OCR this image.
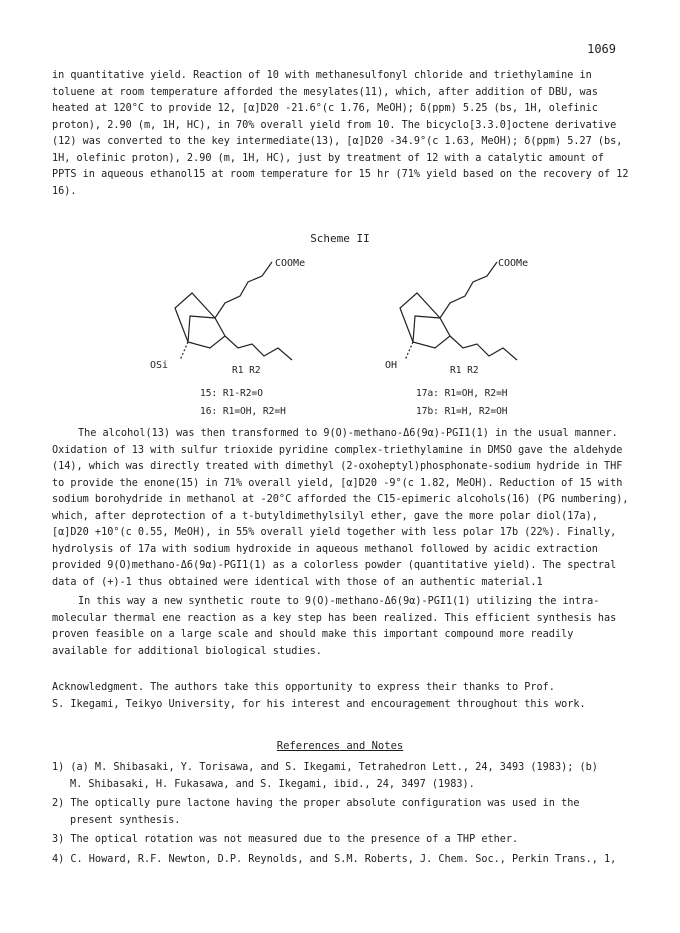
1069
in quantitative yield. Reaction of 10 with methanesulfonyl chloride and triethylamine in
toluene at room temperature afforded the mesylates(11), which, after addition of DBU, was
heated at 120°C to provide 12, [α]D20 -21.6°(c 1.76, MeOH); δ(ppm) 5.25 (bs, 1H, olefinic
proton), 2.90 (m, 1H, HC), in 70% overall yield from 10. The bicyclo[3.3.0]octene derivative
(12) was converted to the key intermediate(13), [α]D20 -34.9°(c 1.63, MeOH); δ(ppm) 5.27 (bs,
1H, olefinic proton), 2.90 (m, 1H, HC), just by treatment of 12 with a catalytic amount of
PPTS in aqueous ethanol15 at room temperature for 15 hr (71% yield based on the recovery of 12
16).
Scheme II
COOMe
OSi	R1 R2
15: R1-R2=O
16: R1=OH, R2=H
COOMe
OH	R1 R2
17a: R1=OH, R2=H
17b: R1=H, R2=OH
The alcohol(13) was then transformed to 9(O)-methano-Δ6(9α)-PGI1(1) in the usual manner.
Oxidation of 13 with sulfur trioxide pyridine complex-triethylamine in DMSO gave the aldehyde
(14), which was directly treated with dimethyl (2-oxoheptyl)phosphonate-sodium hydride in THF
to provide the enone(15) in 71% overall yield, [α]D20 -9°(c 1.82, MeOH). Reduction of 15 with
sodium borohydride in methanol at -20°C afforded the C15-epimeric alcohols(16) (PG numbering),
which, after deprotection of a t-butyldimethylsilyl ether, gave the more polar diol(17a),
[α]D20 +10°(c 0.55, MeOH), in 55% overall yield together with less polar 17b (22%). Finally,
hydrolysis of 17a with sodium hydroxide in aqueous methanol followed by acidic extraction
provided 9(O)methano-Δ6(9α)-PGI1(1) as a colorless powder (quantitative yield). The spectral
data of (+)-1 thus obtained were identical with those of an authentic material.1
In this way a new synthetic route to 9(O)-methano-Δ6(9α)-PGI1(1) utilizing the intra-
molecular thermal ene reaction as a key step has been realized. This efficient synthesis has
proven feasible on a large scale and should make this important compound more readily
available for additional biological studies.
Acknowledgment. The authors take this opportunity to express their thanks to Prof.
S. Ikegami, Teikyo University, for his interest and encouragement throughout this work.
References and Notes
1) (a) M. Shibasaki, Y. Torisawa, and S. Ikegami, Tetrahedron Lett., 24, 3493 (1983); (b)
M. Shibasaki, H. Fukasawa, and S. Ikegami, ibid., 24, 3497 (1983).
2) The optically pure lactone having the proper absolute configuration was used in the
present synthesis.
3) The optical rotation was not measured due to the presence of a THP ether.
4) C. Howard, R.F. Newton, D.P. Reynolds, and S.M. Roberts, J. Chem. Soc., Perkin Trans., 1,
